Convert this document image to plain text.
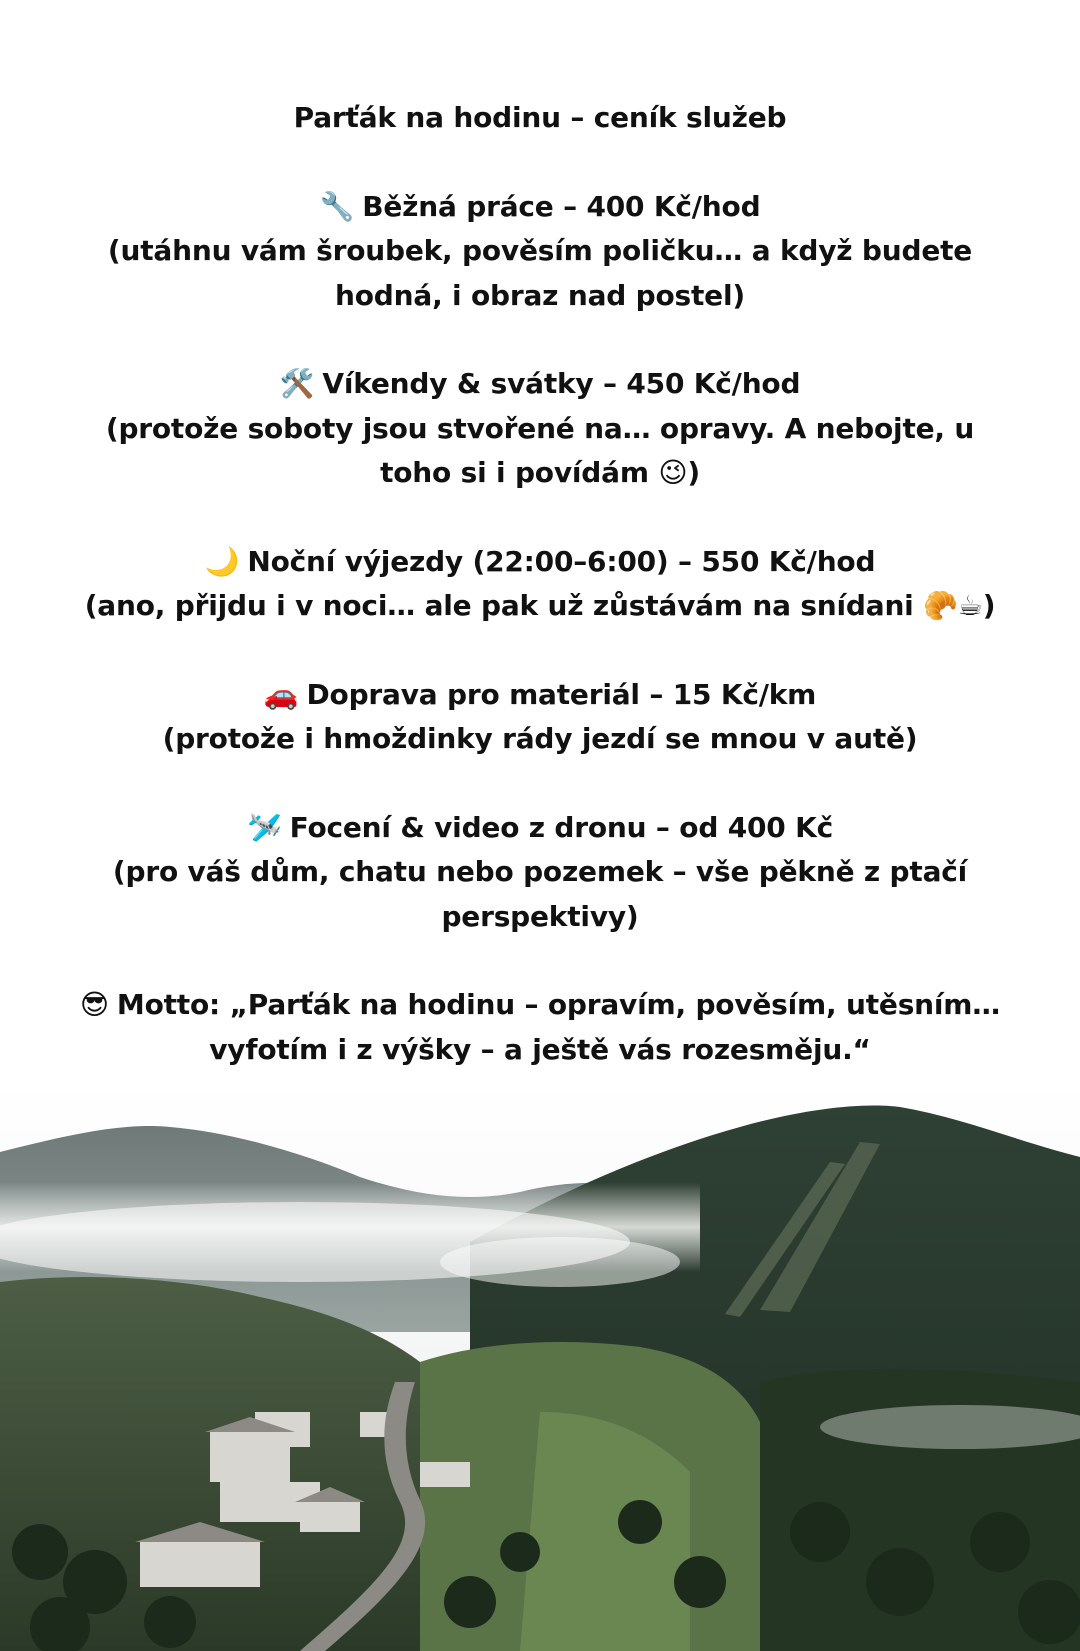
Parťák na hodinu – ceník služeb
🔧 Běžná práce – 400 Kč/hod
(utáhnu vám šroubek, pověsím poličku… a když budete
hodná, i obraz nad postel)
🛠️ Víkendy & svátky – 450 Kč/hod
(protože soboty jsou stvořené na… opravy. A nebojte, u
toho si i povídám 😉)
🌙 Noční výjezdy (22:00–6:00) – 550 Kč/hod
(ano, přijdu i v noci… ale pak už zůstávám na snídani 🥐☕)
🚗 Doprava pro materiál – 15 Kč/km
(protože i hmoždinky rády jezdí se mnou v autě)
🛩️ Focení & video z dronu – od 400 Kč
(pro váš dům, chatu nebo pozemek – vše pěkně z ptačí
perspektivy)
😎 Motto: „Parťák na hodinu – opravím, pověsím, utěsním…
vyfotím i z výšky – a ještě vás rozesměju.“
